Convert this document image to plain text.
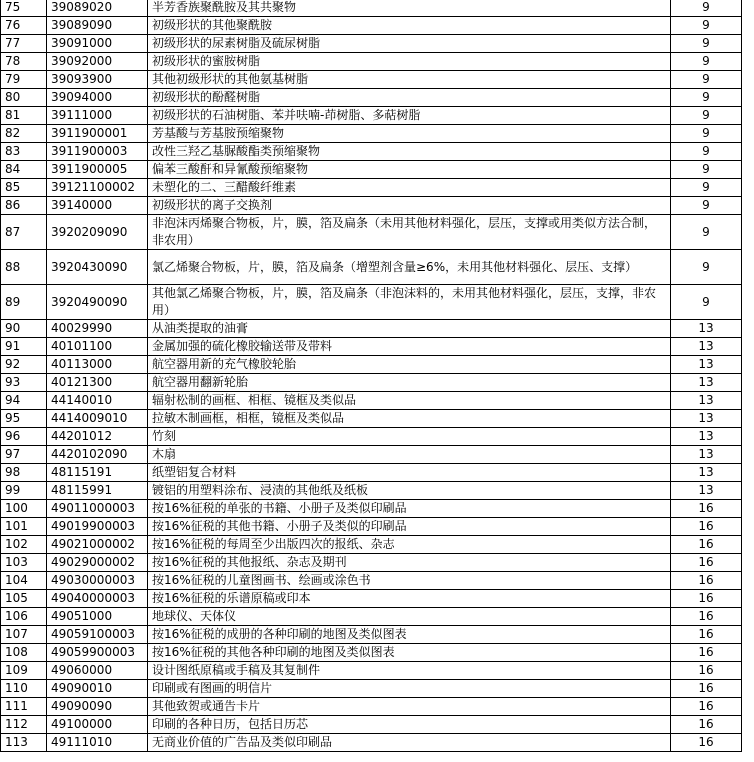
75	39089020	半芳香族聚酰胺及其共聚物	9
76	39089090	初级形状的其他聚酰胺	9
77	39091000	初级形状的尿素树脂及硫尿树脂	9
78	39092000	初级形状的蜜胺树脂	9
79	39093900	其他初级形状的其他氨基树脂	9
80	39094000	初级形状的酚醛树脂	9
81	39111000	初级形状的石油树脂、苯并呋喃-茚树脂、多萜树脂	9
82	3911900001	芳基酸与芳基胺预缩聚物	9
83	3911900003	改性三羟乙基脲酸酯类预缩聚物	9
84	3911900005	偏苯三酸酐和异氰酸预缩聚物	9
85	39121100002	未塑化的二、三醋酸纤维素	9
86	39140000	初级形状的离子交换剂	9
87	3920209090	非泡沫丙烯聚合物板，片，膜，箔及扁条（未用其他材料强化，层压，支撑或用类似方法合制，非农用）	9
88	3920430090	氯乙烯聚合物板，片，膜，箔及扁条（增塑剂含量≥6%，未用其他材料强化、层压、支撑）	9
89	3920490090	其他氯乙烯聚合物板，片，膜，箔及扁条（非泡沫料的，未用其他材料强化，层压，支撑，非农用）	9
90	40029990	从油类提取的油膏	13
91	40101100	金属加强的硫化橡胶输送带及带料	13
92	40113000	航空器用新的充气橡胶轮胎	13
93	40121300	航空器用翻新轮胎	13
94	44140010	辐射松制的画框、相框、镜框及类似品	13
95	4414009010	拉敏木制画框，相框，镜框及类似品	13
96	44201012	竹刻	13
97	4420102090	木扇	13
98	48115191	纸塑铝复合材料	13
99	48115991	镀铝的用塑料涂布、浸渍的其他纸及纸板	13
100	49011000003	按16%征税的单张的书籍、小册子及类似印刷品	16
101	49019900003	按16%征税的其他书籍、小册子及类似的印刷品	16
102	49021000002	按16%征税的每周至少出版四次的报纸、杂志	16
103	49029000002	按16%征税的其他报纸、杂志及期刊	16
104	49030000003	按16%征税的儿童图画书、绘画或涂色书	16
105	49040000003	按16%征税的乐谱原稿或印本	16
106	49051000	地球仪、天体仪	16
107	49059100003	按16%征税的成册的各种印刷的地图及类似图表	16
108	49059900003	按16%征税的其他各种印刷的地图及类似图表	16
109	49060000	设计图纸原稿或手稿及其复制件	16
110	49090010	印刷或有图画的明信片	16
111	49090090	其他致贺或通告卡片	16
112	49100000	印刷的各种日历，包括日历芯	16
113	49111010	无商业价值的广告品及类似印刷品	16
